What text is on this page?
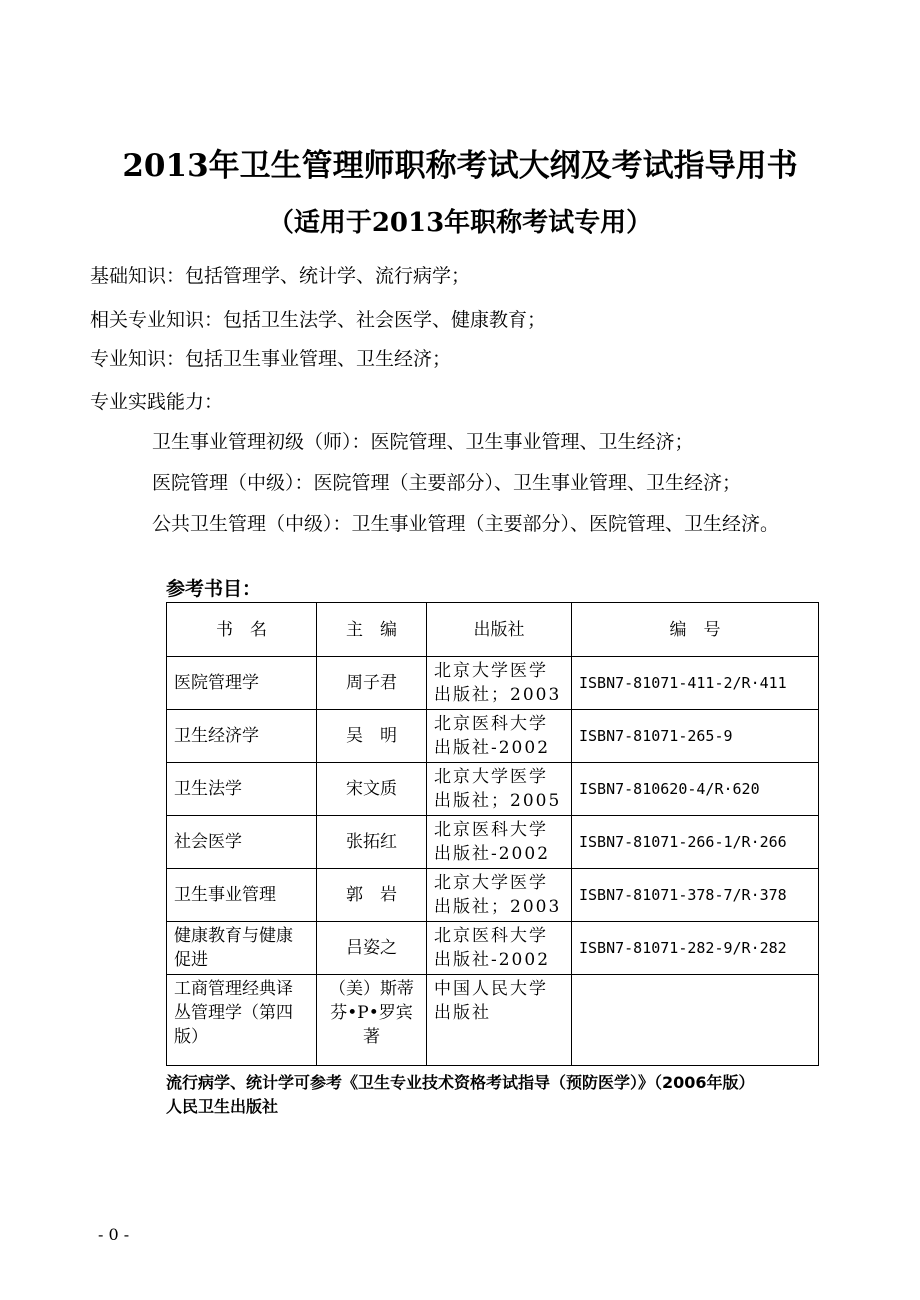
2013年卫生管理师职称考试大纲及考试指导用书
（适用于2013年职称考试专用）
基础知识：包括管理学、统计学、流行病学；
相关专业知识：包括卫生法学、社会医学、健康教育；
专业知识：包括卫生事业管理、卫生经济；
专业实践能力：
卫生事业管理初级（师）：医院管理、卫生事业管理、卫生经济；
医院管理（中级）：医院管理（主要部分）、卫生事业管理、卫生经济；
公共卫生管理（中级）：卫生事业管理（主要部分）、医院管理、卫生经济。
参考书目：
书　名	主　编	出版社	编　号
医院管理学	周子君	北京大学医学出版社；2003	ISBN7-81071-411-2/R·411
卫生经济学	吴　明	北京医科大学出版社-2002	ISBN7-81071-265-9
卫生法学	宋文质	北京大学医学出版社；2005	ISBN7-810620-4/R·620
社会医学	张拓红	北京医科大学出版社-2002	ISBN7-81071-266-1/R·266
卫生事业管理	郭　岩	北京大学医学出版社；2003	ISBN7-81071-378-7/R·378
健康教育与健康促进	吕姿之	北京医科大学出版社-2002	ISBN7-81071-282-9/R·282
工商管理经典译丛管理学（第四版）	（美）斯蒂芬•P•罗宾著	中国人民大学出版社	
流行病学、统计学可参考《卫生专业技术资格考试指导（预防医学）》（2006年版）
人民卫生出版社
- 0 -
